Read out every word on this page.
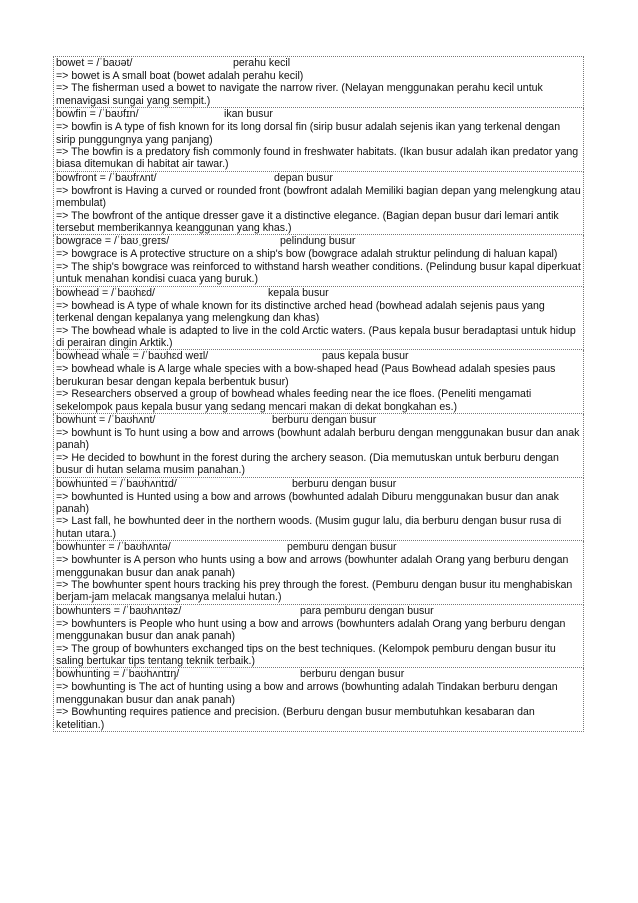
bowet = /ˈbaʊət/	perahu kecil
=> bowet is A small boat (bowet adalah perahu kecil)
=> The fisherman used a bowet to navigate the narrow river. (Nelayan menggunakan perahu kecil untuk menavigasi sungai yang sempit.)
bowfin = /ˈbaʊfɪn/	ikan busur
=> bowfin is A type of fish known for its long dorsal fin (sirip busur adalah sejenis ikan yang terkenal dengan sirip punggungnya yang panjang)
=> The bowfin is a predatory fish commonly found in freshwater habitats. (Ikan busur adalah ikan predator yang biasa ditemukan di habitat air tawar.)
bowfront = /ˈbaʊfrʌnt/	depan busur
=> bowfront is Having a curved or rounded front (bowfront adalah Memiliki bagian depan yang melengkung atau membulat)
=> The bowfront of the antique dresser gave it a distinctive elegance. (Bagian depan busur dari lemari antik tersebut memberikannya keanggunan yang khas.)
bowgrace = /ˈbaʊˌgreɪs/	pelindung busur
=> bowgrace is A protective structure on a ship's bow (bowgrace adalah struktur pelindung di haluan kapal)
=> The ship's bowgrace was reinforced to withstand harsh weather conditions. (Pelindung busur kapal diperkuat untuk menahan kondisi cuaca yang buruk.)
bowhead = /ˈbaʊhɛd/	kepala busur
=> bowhead is A type of whale known for its distinctive arched head (bowhead adalah sejenis paus yang terkenal dengan kepalanya yang melengkung dan khas)
=> The bowhead whale is adapted to live in the cold Arctic waters. (Paus kepala busur beradaptasi untuk hidup di perairan dingin Arktik.)
bowhead whale = /ˈbaʊhɛd weɪl/	paus kepala busur
=> bowhead whale is A large whale species with a bow-shaped head (Paus Bowhead adalah spesies paus berukuran besar dengan kepala berbentuk busur)
=> Researchers observed a group of bowhead whales feeding near the ice floes. (Peneliti mengamati sekelompok paus kepala busur yang sedang mencari makan di dekat bongkahan es.)
bowhunt = /ˈbaʊhʌnt/	berburu dengan busur
=> bowhunt is To hunt using a bow and arrows (bowhunt adalah berburu dengan menggunakan busur dan anak panah)
=> He decided to bowhunt in the forest during the archery season. (Dia memutuskan untuk berburu dengan busur di hutan selama musim panahan.)
bowhunted = /ˈbaʊhʌntɪd/	berburu dengan busur
=> bowhunted is Hunted using a bow and arrows (bowhunted adalah Diburu menggunakan busur dan anak panah)
=> Last fall, he bowhunted deer in the northern woods. (Musim gugur lalu, dia berburu dengan busur rusa di hutan utara.)
bowhunter = /ˈbaʊhʌntə/	pemburu dengan busur
=> bowhunter is A person who hunts using a bow and arrows (bowhunter adalah Orang yang berburu dengan menggunakan busur dan anak panah)
=> The bowhunter spent hours tracking his prey through the forest. (Pemburu dengan busur itu menghabiskan berjam-jam melacak mangsanya melalui hutan.)
bowhunters = /ˈbaʊhʌntəz/	para pemburu dengan busur
=> bowhunters is People who hunt using a bow and arrows (bowhunters adalah Orang yang berburu dengan menggunakan busur dan anak panah)
=> The group of bowhunters exchanged tips on the best techniques. (Kelompok pemburu dengan busur itu saling bertukar tips tentang teknik terbaik.)
bowhunting = /ˈbaʊhʌntɪŋ/	berburu dengan busur
=> bowhunting is The act of hunting using a bow and arrows (bowhunting adalah Tindakan berburu dengan menggunakan busur dan anak panah)
=> Bowhunting requires patience and precision. (Berburu dengan busur membutuhkan kesabaran dan ketelitian.)
